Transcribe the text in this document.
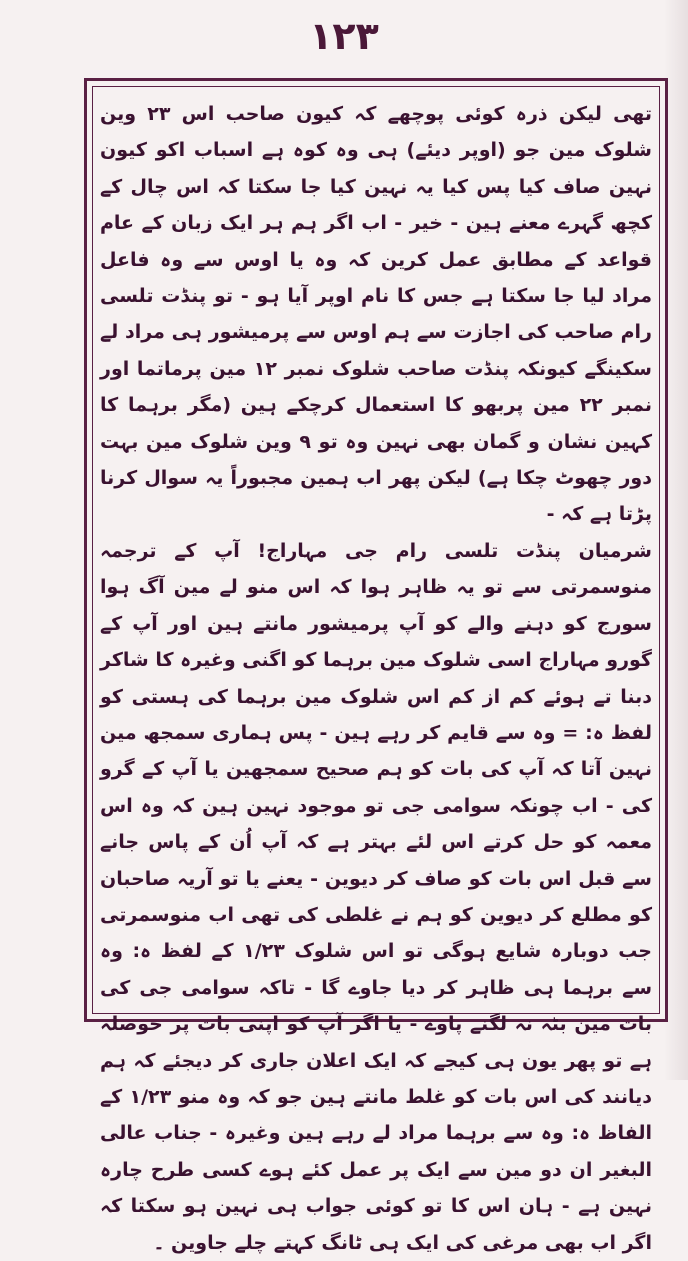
۱۲۳

تھی لیکن ذرہ کوئی پوچھے کہ کیون صاحب اس ۲۳ وین شلوک مین جو (اوپر دیئے) ہی وہ کوہ ہے اسباب اکو کیون نہین صاف کیا پس کیا یہ نہین کیا جا سکتا کہ اس چال کے کچھ گہرے معنے ہین - خیر - اب اگر ہم ہر ایک زبان کے عام قواعد کے مطابق عمل کرین کہ وہ یا اوس سے وہ فاعل مراد لیا جا سکتا ہے جس کا نام اوپر آیا ہو - تو پنڈت تلسی رام صاحب کی اجازت سے ہم اوس سے پرمیشور ہی مراد لے سکینگے کیونکہ پنڈت صاحب شلوک نمبر ۱۲ مین پرماتما اور نمبر ۲۲ مین پربھو کا استعمال کرچکے ہین (مگر برہما کا کہین نشان و گمان بھی نہین وہ تو ۹ وین شلوک مین بہت دور چھوٹ چکا ہے) لیکن پھر اب ہمین مجبوراً یہ سوال کرنا پڑتا ہے کہ -

شرمیان پنڈت تلسی رام جی مہاراج! آپ کے ترجمہ منوسمرتی سے تو یہ ظاہر ہوا کہ اس منو لے مین آگ ہوا سورج کو دہنے والے کو آپ پرمیشور مانتے ہین اور آپ کے گورو مہاراج اسی شلوک مین برہما کو اگنی وغیرہ کا شاکر دبنا تے ہوئے کم از کم اس شلوک مین برہما کی ہستی کو لفظ ہ: = وہ سے قایم کر رہے ہین - پس ہماری سمجھ مین نہین آتا کہ آپ کی بات کو ہم صحیح سمجھین یا آپ کے گرو کی - اب چونکہ سوامی جی تو موجود نہین ہین کہ وہ اس معمہ کو حل کرتے اس لئے بہتر ہے کہ آپ اُن کے پاس جانے سے قبل اس بات کو صاف کر دیوین - یعنے یا تو آریہ صاحبان کو مطلع کر دیوین کو ہم نے غلطی کی تھی اب منوسمرتی جب دوبارہ شایع ہوگی تو اس شلوک ۱/۲۳ کے لفظ ہ: وہ سے برہما ہی ظاہر کر دیا جاوے گا - تاکہ سوامی جی کی بات مین بٹہ نہ لگنے پاوے - یا اگر آپ کو اپنی بات پر حوصلہ ہے تو پھر یون ہی کیجے کہ ایک اعلان جاری کر دیجئے کہ ہم دیانند کی اس بات کو غلط مانتے ہین جو کہ وہ منو ۱/۲۳ کے الفاظ ہ: وہ سے برہما مراد لے رہے ہین وغیرہ - جناب عالی البغیر ان دو مین سے ایک پر عمل کئے ہوے کسی طرح چارہ نہین ہے - ہان اس کا تو کوئی جواب ہی نہین ہو سکتا کہ اگر اب بھی مرغی کی ایک ہی ٹانگ کہتے چلے جاوین ۔
